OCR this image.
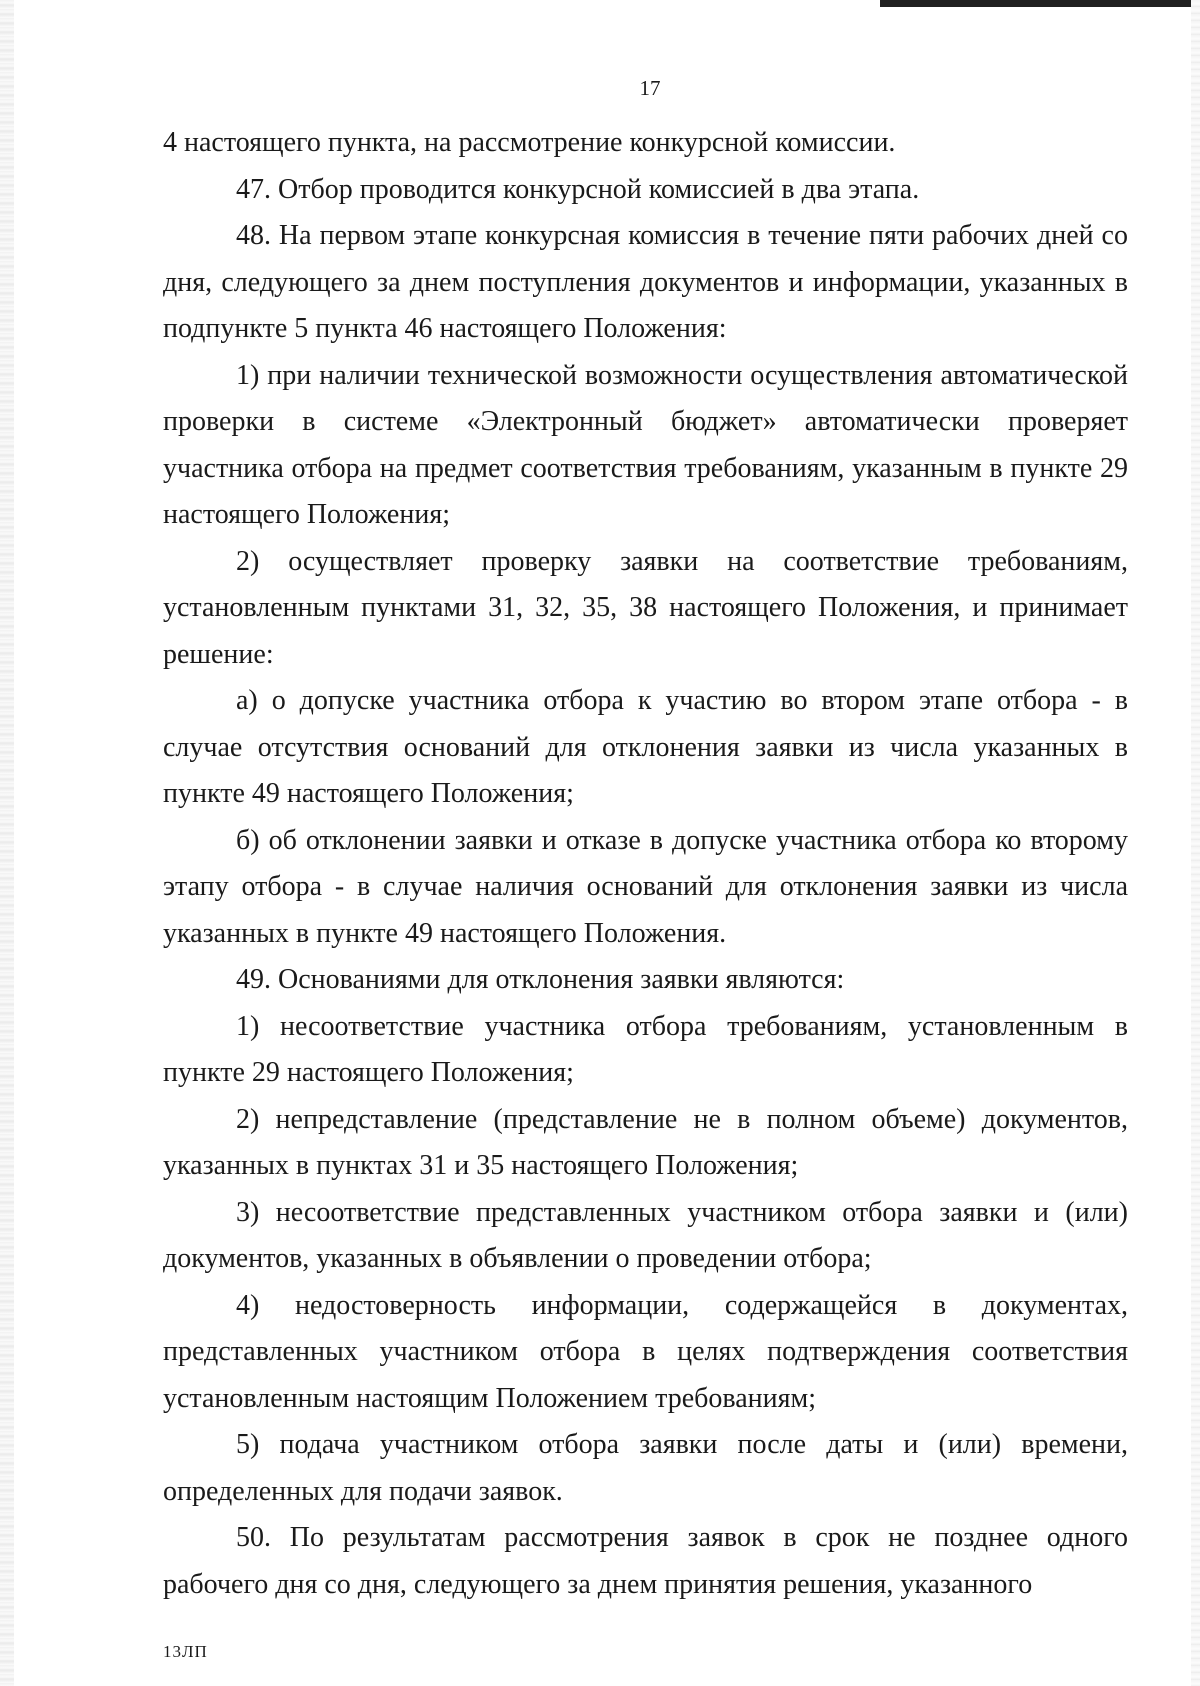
17

4 настоящего пункта, на рассмотрение конкурсной комиссии.

47. Отбор проводится конкурсной комиссией в два этапа.

48. На первом этапе конкурсная комиссия в течение пяти рабочих дней со дня, следующего за днем поступления документов и информации, указанных в подпункте 5 пункта 46 настоящего Положения:

1) при наличии технической возможности осуществления автоматической проверки в системе «Электронный бюджет» автоматически проверяет участника отбора на предмет соответствия требованиям, указанным в пункте 29 настоящего Положения;

2) осуществляет проверку заявки на соответствие требованиям, установленным пунктами 31, 32, 35, 38 настоящего Положения, и принимает решение:

а) о допуске участника отбора к участию во втором этапе отбора - в случае отсутствия оснований для отклонения заявки из числа указанных в пункте 49 настоящего Положения;

б) об отклонении заявки и отказе в допуске участника отбора ко второму этапу отбора - в случае наличия оснований для отклонения заявки из числа указанных в пункте 49 настоящего Положения.

49. Основаниями для отклонения заявки являются:

1) несоответствие участника отбора требованиям, установленным в пункте 29 настоящего Положения;

2) непредставление (представление не в полном объеме) документов, указанных в пунктах 31 и 35 настоящего Положения;

3) несоответствие представленных участником отбора заявки и (или) документов, указанных в объявлении о проведении отбора;

4) недостоверность информации, содержащейся в документах, представленных участником отбора в целях подтверждения соответствия установленным настоящим Положением требованиям;

5) подача участником отбора заявки после даты и (или) времени, определенных для подачи заявок.

50. По результатам рассмотрения заявок в срок не позднее одного рабочего дня со дня, следующего за днем принятия решения, указанного

13ЛП
